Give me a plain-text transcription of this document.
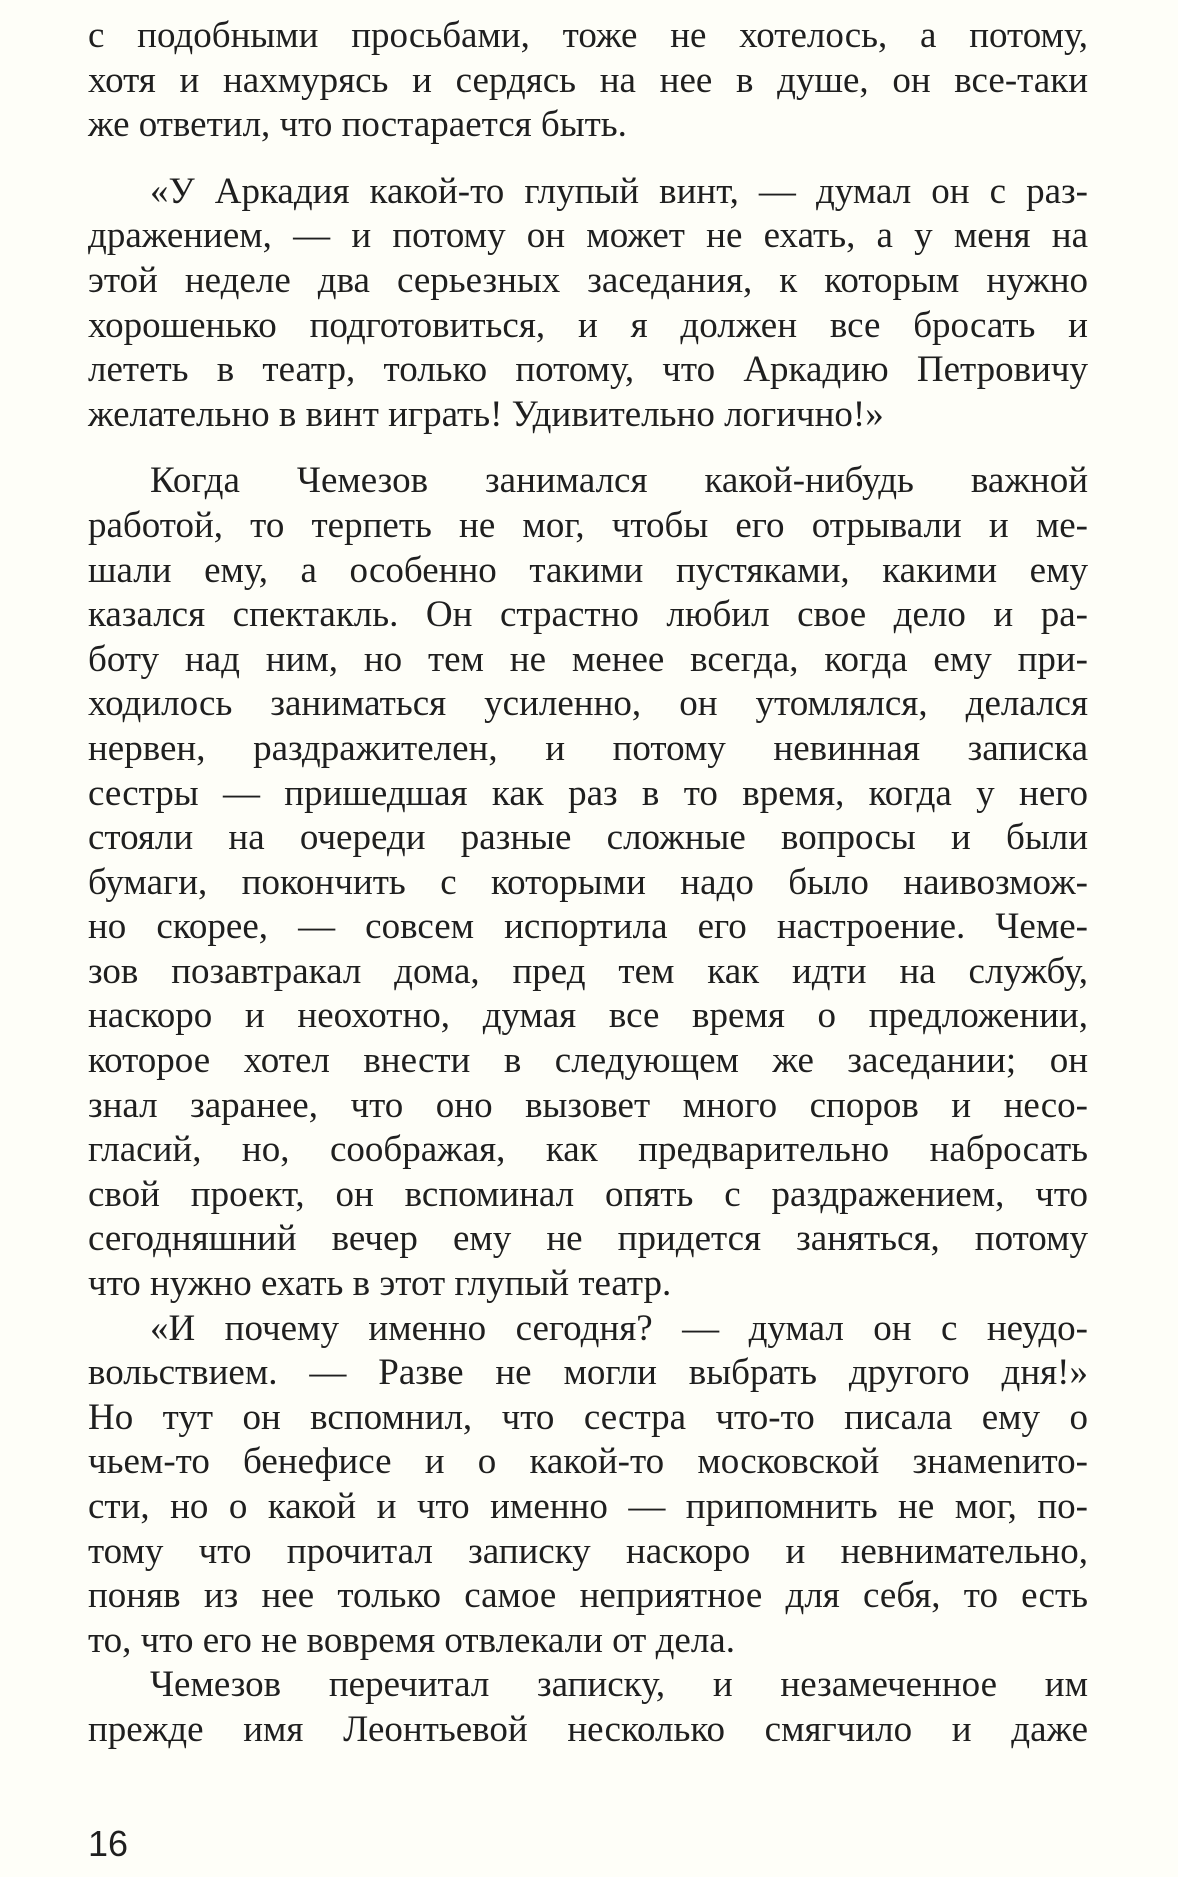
с подобными просьбами, тоже не хотелось, а потому,
хотя и нахмурясь и сердясь на нее в душе, он все-таки
же ответил, что постарается быть.
«У Аркадия какой-то глупый винт, — думал он с раз-
дражением, — и потому он может не ехать, а у меня на
этой неделе два серьезных заседания, к которым нужно
хорошенько подготовиться, и я должен все бросать и
лететь в театр, только потому, что Аркадию Петровичу
желательно в винт играть! Удивительно логично!»
Когда Чемезов занимался какой-нибудь важной
работой, то терпеть не мог, чтобы его отрывали и ме-
шали ему, а особенно такими пустяками, какими ему
казался спектакль. Он страстно любил свое дело и ра-
боту над ним, но тем не менее всегда, когда ему при-
ходилось заниматься усиленно, он утомлялся, делался
нервен, раздражителен, и потому невинная записка
сестры — пришедшая как раз в то время, когда у него
стояли на очереди разные сложные вопросы и были
бумаги, покончить с которыми надо было наивозмож-
но скорее, — совсем испортила его настроение. Чеме-
зов позавтракал дома, пред тем как идти на службу,
наскоро и неохотно, думая все время о предложении,
которое хотел внести в следующем же заседании; он
знал заранее, что оно вызовет много споров и несо-
гласий, но, соображая, как предварительно набросать
свой проект, он вспоминал опять с раздражением, что
сегодняшний вечер ему не придется заняться, потому
что нужно ехать в этот глупый театр.
«И почему именно сегодня? — думал он с неудо-
вольствием. — Разве не могли выбрать другого дня!»
Но тут он вспомнил, что сестра что-то писала ему о
чьем-то бенефисе и о какой-то московской знамenито-
сти, но о какой и что именно — припомнить не мог, по-
тому что прочитал записку наскоро и невнимательно,
поняв из нее только самое неприятное для себя, то есть
то, что его не вовремя отвлекали от дела.
Чемезов перечитал записку, и незамеченное им
прежде имя Леонтьевой несколько смягчило и даже
16
